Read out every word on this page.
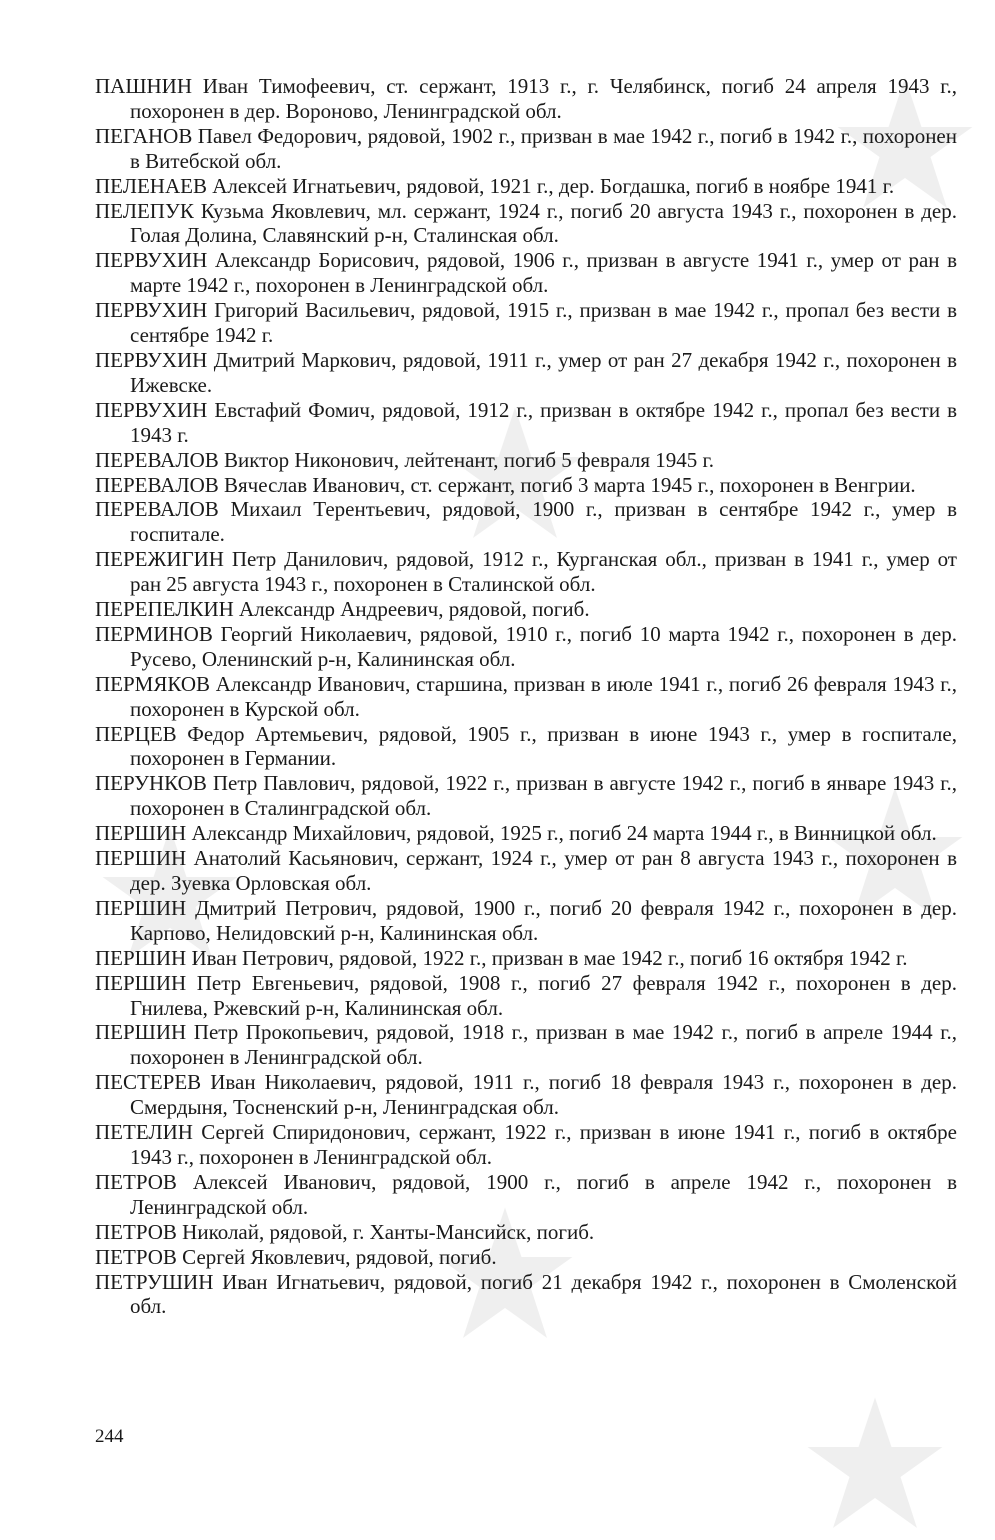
ПАШНИН Иван Тимофеевич, ст. сержант, 1913 г., г. Челябинск, погиб 24 апреля 1943 г., похоронен в дер. Вороново, Ленинградской обл.

ПЕГАНОВ Павел Федорович, рядовой, 1902 г., призван в мае 1942 г., погиб в 1942 г., похоронен в Витебской обл.

ПЕЛЕНАЕВ Алексей Игнатьевич, рядовой, 1921 г., дер. Богдашка, погиб в ноябре 1941 г.

ПЕЛЕПУК Кузьма Яковлевич, мл. сержант, 1924 г., погиб 20 августа 1943 г., похоронен в дер. Голая Долина, Славянский р-н, Сталинская обл.

ПЕРВУХИН Александр Борисович, рядовой, 1906 г., призван в августе 1941 г., умер от ран в марте 1942 г., похоронен в Ленинградской обл.

ПЕРВУХИН Григорий Васильевич, рядовой, 1915 г., призван в мае 1942 г., пропал без вести в сентябре 1942 г.

ПЕРВУХИН Дмитрий Маркович, рядовой, 1911 г., умер от ран 27 декабря 1942 г., похоронен в Ижевске.

ПЕРВУХИН Евстафий Фомич, рядовой, 1912 г., призван в октябре 1942 г., пропал без вести в 1943 г.

ПЕРЕВАЛОВ Виктор Никонович, лейтенант, погиб 5 февраля 1945 г.

ПЕРЕВАЛОВ Вячеслав Иванович, ст. сержант, погиб 3 марта 1945 г., похоронен в Венгрии.

ПЕРЕВАЛОВ Михаил Терентьевич, рядовой, 1900 г., призван в сентябре 1942 г., умер в госпитале.

ПЕРЕЖИГИН Петр Данилович, рядовой, 1912 г., Курганская обл., призван в 1941 г., умер от ран 25 августа 1943 г., похоронен в Сталинской обл.

ПЕРЕПЕЛКИН Александр Андреевич, рядовой, погиб.

ПЕРМИНОВ Георгий Николаевич, рядовой, 1910 г., погиб 10 марта 1942 г., похоронен в дер. Русево, Оленинский р-н, Калининская обл.

ПЕРМЯКОВ Александр Иванович, старшина, призван в июле 1941 г., погиб 26 февраля 1943 г., похоронен в Курской обл.

ПЕРЦЕВ Федор Артемьевич, рядовой, 1905 г., призван в июне 1943 г., умер в госпитале, похоронен в Германии.

ПЕРУНКОВ Петр Павлович, рядовой, 1922 г., призван в августе 1942 г., погиб в январе 1943 г., похоронен в Сталинградской обл.

ПЕРШИН Александр Михайлович, рядовой, 1925 г., погиб 24 марта 1944 г., в Винницкой обл.

ПЕРШИН Анатолий Касьянович, сержант, 1924 г., умер от ран 8 августа 1943 г., похоронен в дер. Зуевка Орловская обл.

ПЕРШИН Дмитрий Петрович, рядовой, 1900 г., погиб 20 февраля 1942 г., похоронен в дер. Карпово, Нелидовский р-н, Калининская обл.

ПЕРШИН Иван Петрович, рядовой, 1922 г., призван в мае 1942 г., погиб 16 октября 1942 г.

ПЕРШИН Петр Евгеньевич, рядовой, 1908 г., погиб 27 февраля 1942 г., похоронен в дер. Гнилева, Ржевский р-н, Калининская обл.

ПЕРШИН Петр Прокопьевич, рядовой, 1918 г., призван в мае 1942 г., погиб в апреле 1944 г., похоронен в Ленинградской обл.

ПЕСТЕРЕВ Иван Николаевич, рядовой, 1911 г., погиб 18 февраля 1943 г., похоронен в дер. Смердыня, Тосненский р-н, Ленинградская обл.

ПЕТЕЛИН Сергей Спиридонович, сержант, 1922 г., призван в июне 1941 г., погиб в октябре 1943 г., похоронен в Ленинградской обл.

ПЕТРОВ Алексей Иванович, рядовой, 1900 г., погиб в апреле 1942 г., похоронен в Ленинградской обл.

ПЕТРОВ Николай, рядовой, г. Ханты-Мансийск, погиб.

ПЕТРОВ Сергей Яковлевич, рядовой, погиб.

ПЕТРУШИН Иван Игнатьевич, рядовой, погиб 21 декабря 1942 г., похоронен в Смоленской обл.

244
